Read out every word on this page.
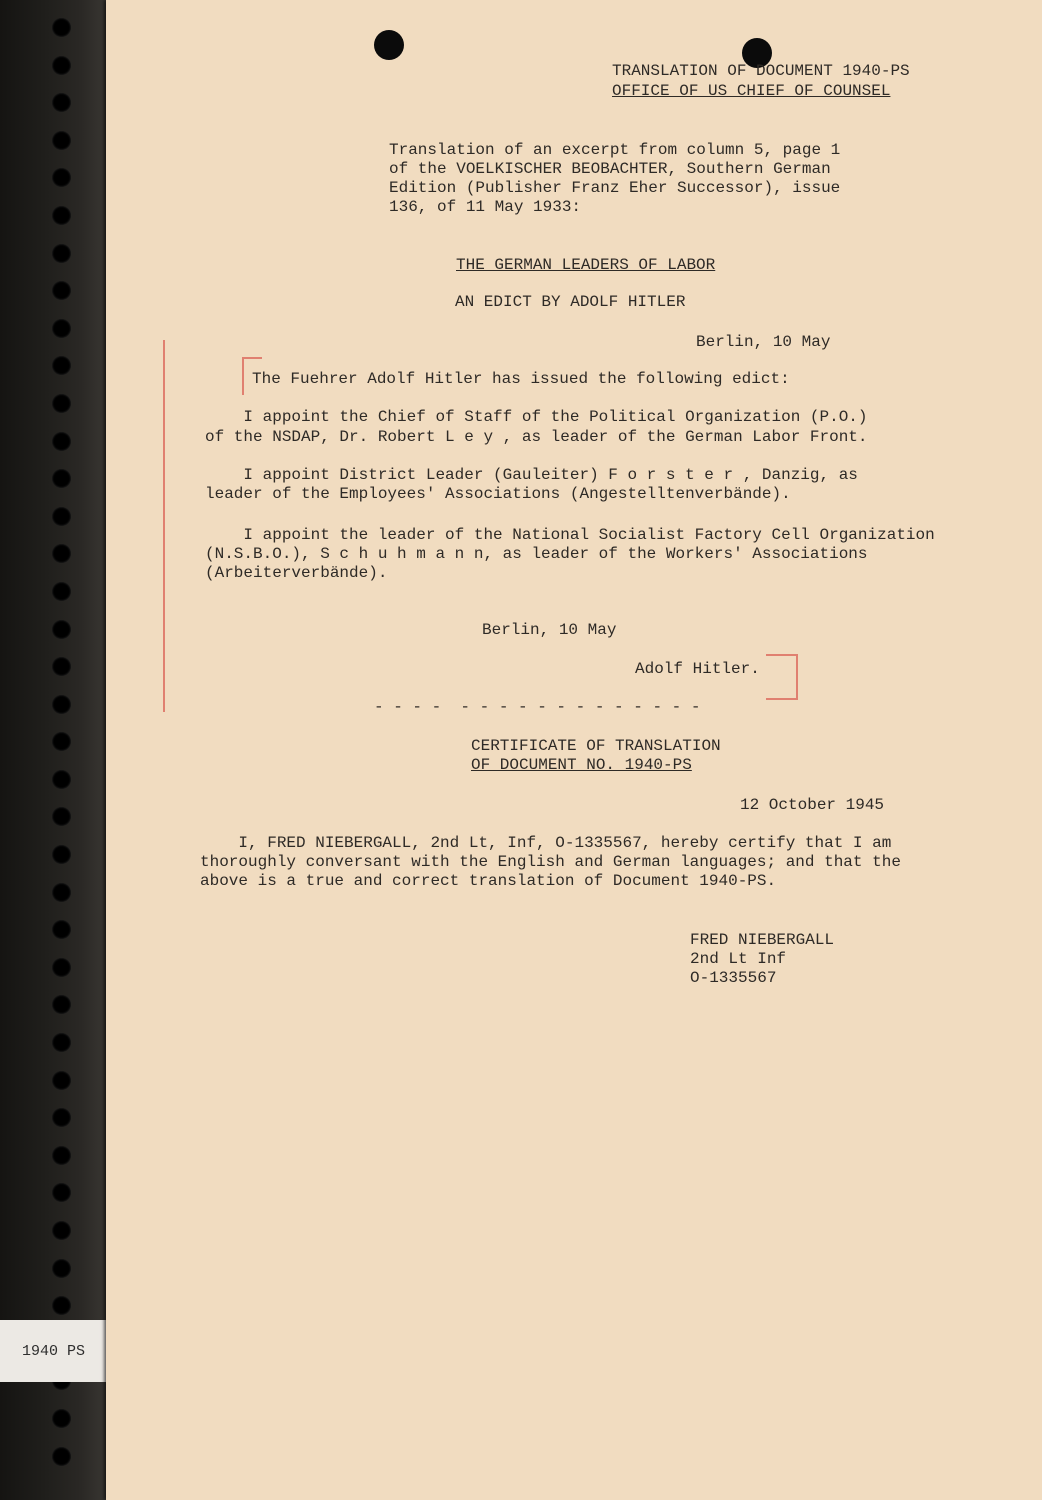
1940 PS
TRANSLATION OF DOCUMENT 1940-PS
OFFICE OF US CHIEF OF COUNSEL
Translation of an excerpt from column 5, page 1
of the VOELKISCHER BEOBACHTER, Southern German
Edition (Publisher Franz Eher Successor), issue
136, of 11 May 1933:
THE GERMAN LEADERS OF LABOR
AN EDICT BY ADOLF HITLER
Berlin, 10 May
The Fuehrer Adolf Hitler has issued the following edict:
I appoint the Chief of Staff of the Political Organization (P.O.)
of the NSDAP, Dr. Robert L e y , as leader of the German Labor Front.
I appoint District Leader (Gauleiter) F o r s t e r , Danzig, as
leader of the Employees' Associations (Angestelltenverbände).
I appoint the leader of the National Socialist Factory Cell Organization
(N.S.B.O.), S c h u h m a n n, as leader of the Workers' Associations
(Arbeiterverbände).
Berlin, 10 May
Adolf Hitler.
- - - -  - - - - - - - - - - - - -
CERTIFICATE OF TRANSLATION
OF DOCUMENT NO. 1940-PS
12 October 1945
I, FRED NIEBERGALL, 2nd Lt, Inf, O-1335567, hereby certify that I am
thoroughly conversant with the English and German languages; and that the
above is a true and correct translation of Document 1940-PS.
FRED NIEBERGALL
2nd Lt Inf
O-1335567
